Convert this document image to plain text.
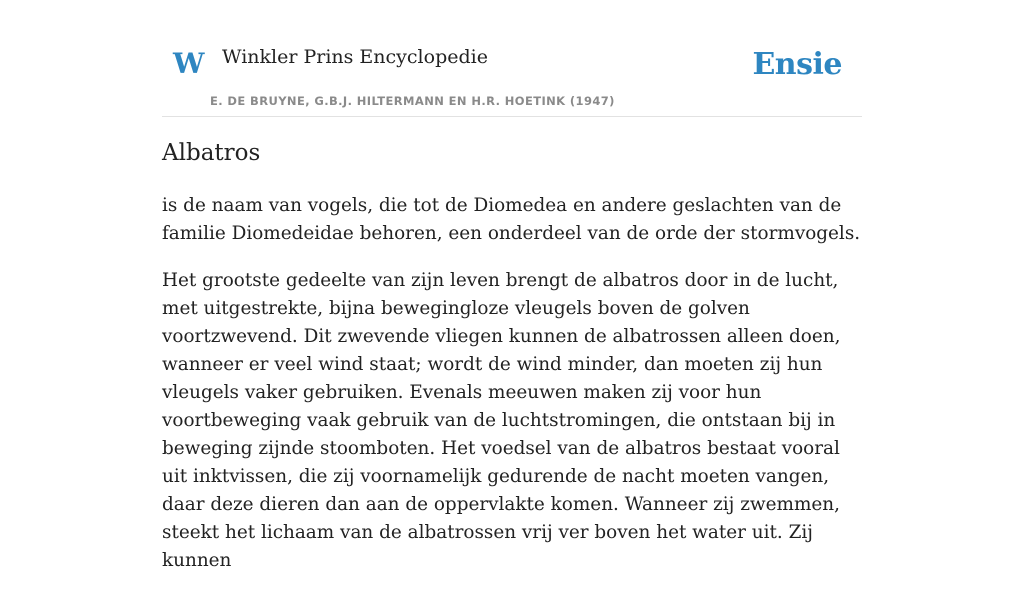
W Winkler Prins Encyclopedie
E. DE BRUYNE, G.B.J. HILTERMANN EN H.R. HOETINK (1947)
Ensie
Albatros

is de naam van vogels, die tot de Diomedea en andere geslachten van de familie Diomedeidae behoren, een onderdeel van de orde der stormvogels.

Het grootste gedeelte van zijn leven brengt de albatros door in de lucht, met uitgestrekte, bijna bewegingloze vleugels boven de golven voortzwevend. Dit zwevende vliegen kunnen de albatrossen alleen doen, wanneer er veel wind staat; wordt de wind minder, dan moeten zij hun vleugels vaker gebruiken. Evenals meeuwen maken zij voor hun voortbeweging vaak gebruik van de luchtstromingen, die ontstaan bij in beweging zijnde stoomboten. Het voedsel van de albatros bestaat vooral uit inktvissen, die zij voornamelijk gedurende de nacht moeten vangen, daar deze dieren dan aan de oppervlakte komen. Wanneer zij zwemmen, steekt het lichaam van de albatrossen vrij ver boven het water uit. Zij kunnen
